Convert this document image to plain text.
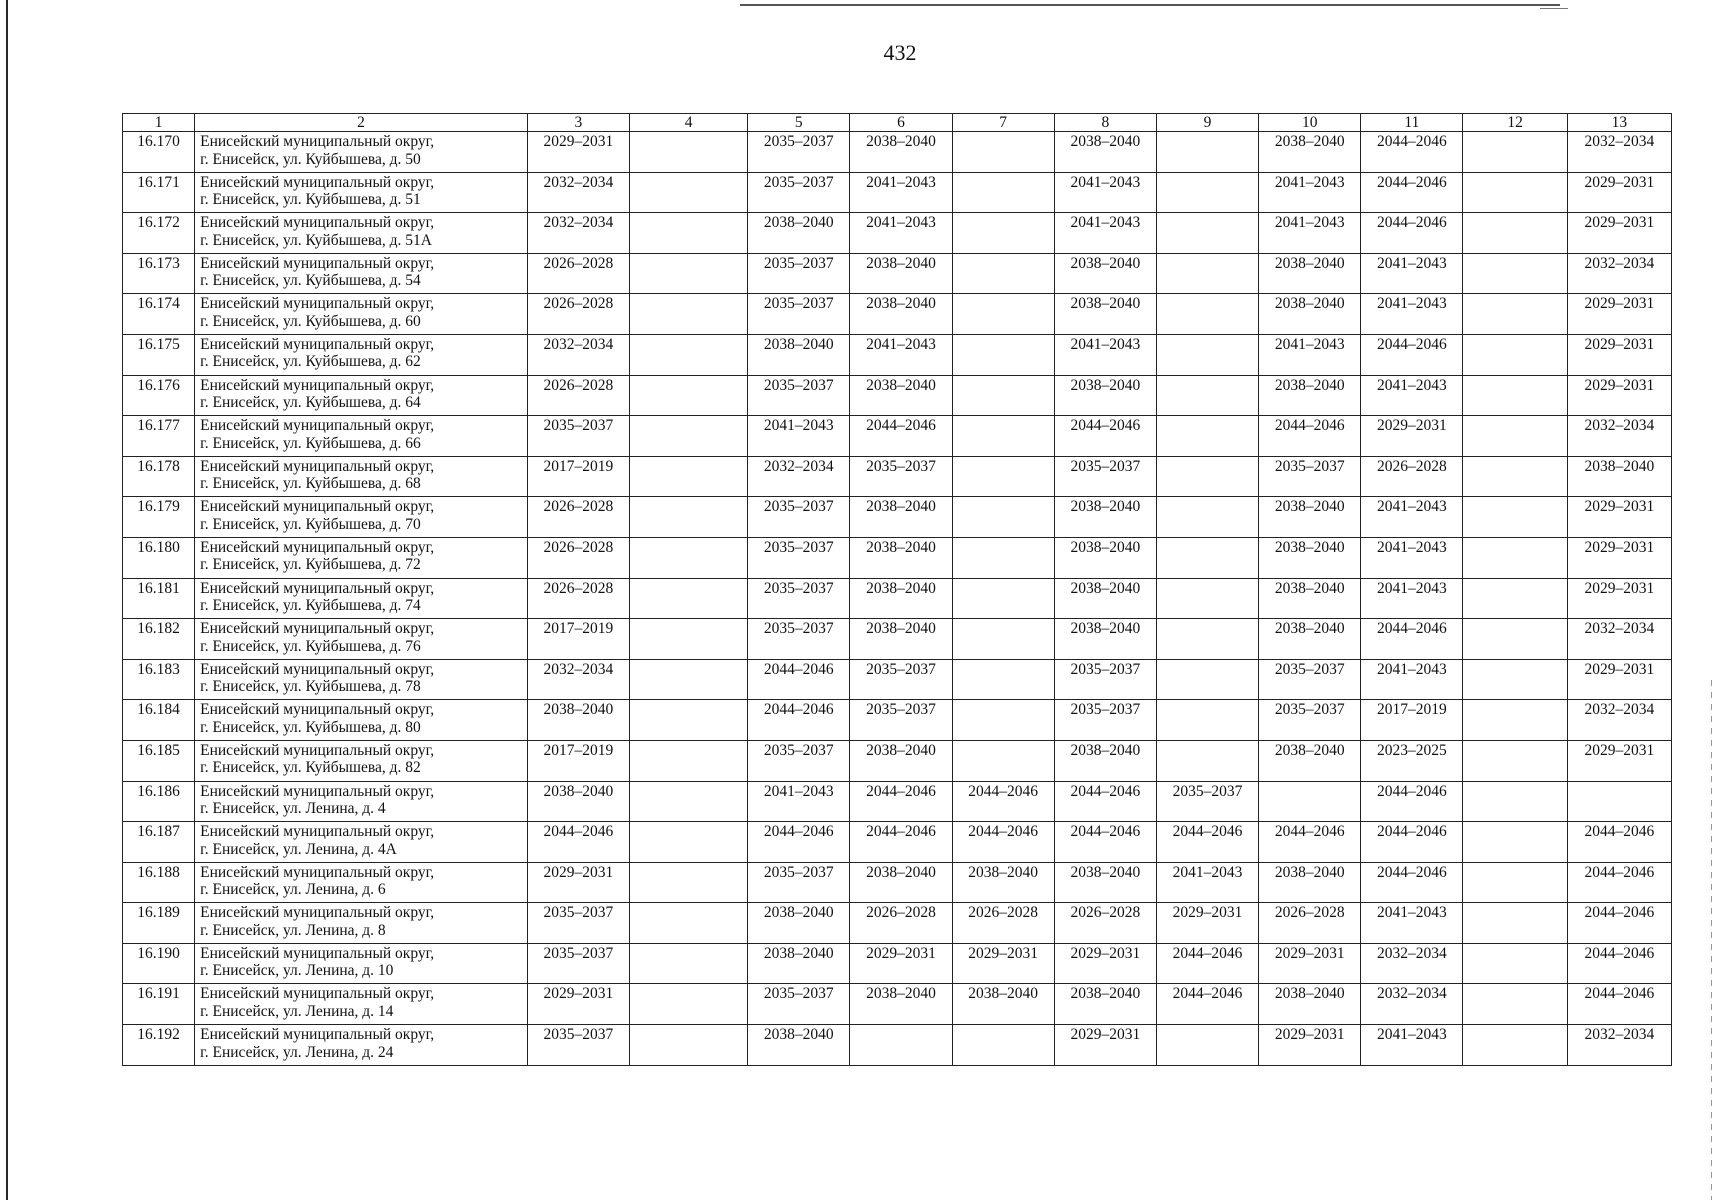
432
1	2	3	4	5	6	7	8	9	10	11	12	13
16.170	Енисейский муниципальный округ,
г. Енисейск, ул. Куйбышева, д. 50	2029–2031		2035–2037	2038–2040		2038–2040		2038–2040	2044–2046		2032–2034
16.171	Енисейский муниципальный округ,
г. Енисейск, ул. Куйбышева, д. 51	2032–2034		2035–2037	2041–2043		2041–2043		2041–2043	2044–2046		2029–2031
16.172	Енисейский муниципальный округ,
г. Енисейск, ул. Куйбышева, д. 51А	2032–2034		2038–2040	2041–2043		2041–2043		2041–2043	2044–2046		2029–2031
16.173	Енисейский муниципальный округ,
г. Енисейск, ул. Куйбышева, д. 54	2026–2028		2035–2037	2038–2040		2038–2040		2038–2040	2041–2043		2032–2034
16.174	Енисейский муниципальный округ,
г. Енисейск, ул. Куйбышева, д. 60	2026–2028		2035–2037	2038–2040		2038–2040		2038–2040	2041–2043		2029–2031
16.175	Енисейский муниципальный округ,
г. Енисейск, ул. Куйбышева, д. 62	2032–2034		2038–2040	2041–2043		2041–2043		2041–2043	2044–2046		2029–2031
16.176	Енисейский муниципальный округ,
г. Енисейск, ул. Куйбышева, д. 64	2026–2028		2035–2037	2038–2040		2038–2040		2038–2040	2041–2043		2029–2031
16.177	Енисейский муниципальный округ,
г. Енисейск, ул. Куйбышева, д. 66	2035–2037		2041–2043	2044–2046		2044–2046		2044–2046	2029–2031		2032–2034
16.178	Енисейский муниципальный округ,
г. Енисейск, ул. Куйбышева, д. 68	2017–2019		2032–2034	2035–2037		2035–2037		2035–2037	2026–2028		2038–2040
16.179	Енисейский муниципальный округ,
г. Енисейск, ул. Куйбышева, д. 70	2026–2028		2035–2037	2038–2040		2038–2040		2038–2040	2041–2043		2029–2031
16.180	Енисейский муниципальный округ,
г. Енисейск, ул. Куйбышева, д. 72	2026–2028		2035–2037	2038–2040		2038–2040		2038–2040	2041–2043		2029–2031
16.181	Енисейский муниципальный округ,
г. Енисейск, ул. Куйбышева, д. 74	2026–2028		2035–2037	2038–2040		2038–2040		2038–2040	2041–2043		2029–2031
16.182	Енисейский муниципальный округ,
г. Енисейск, ул. Куйбышева, д. 76	2017–2019		2035–2037	2038–2040		2038–2040		2038–2040	2044–2046		2032–2034
16.183	Енисейский муниципальный округ,
г. Енисейск, ул. Куйбышева, д. 78	2032–2034		2044–2046	2035–2037		2035–2037		2035–2037	2041–2043		2029–2031
16.184	Енисейский муниципальный округ,
г. Енисейск, ул. Куйбышева, д. 80	2038–2040		2044–2046	2035–2037		2035–2037		2035–2037	2017–2019		2032–2034
16.185	Енисейский муниципальный округ,
г. Енисейск, ул. Куйбышева, д. 82	2017–2019		2035–2037	2038–2040		2038–2040		2038–2040	2023–2025		2029–2031
16.186	Енисейский муниципальный округ,
г. Енисейск, ул. Ленина, д. 4	2038–2040		2041–2043	2044–2046	2044–2046	2044–2046	2035–2037		2044–2046		
16.187	Енисейский муниципальный округ,
г. Енисейск, ул. Ленина, д. 4А	2044–2046		2044–2046	2044–2046	2044–2046	2044–2046	2044–2046	2044–2046	2044–2046		2044–2046
16.188	Енисейский муниципальный округ,
г. Енисейск, ул. Ленина, д. 6	2029–2031		2035–2037	2038–2040	2038–2040	2038–2040	2041–2043	2038–2040	2044–2046		2044–2046
16.189	Енисейский муниципальный округ,
г. Енисейск, ул. Ленина, д. 8	2035–2037		2038–2040	2026–2028	2026–2028	2026–2028	2029–2031	2026–2028	2041–2043		2044–2046
16.190	Енисейский муниципальный округ,
г. Енисейск, ул. Ленина, д. 10	2035–2037		2038–2040	2029–2031	2029–2031	2029–2031	2044–2046	2029–2031	2032–2034		2044–2046
16.191	Енисейский муниципальный округ,
г. Енисейск, ул. Ленина, д. 14	2029–2031		2035–2037	2038–2040	2038–2040	2038–2040	2044–2046	2038–2040	2032–2034		2044–2046
16.192	Енисейский муниципальный округ,
г. Енисейск, ул. Ленина, д. 24	2035–2037		2038–2040			2029–2031		2029–2031	2041–2043		2032–2034
